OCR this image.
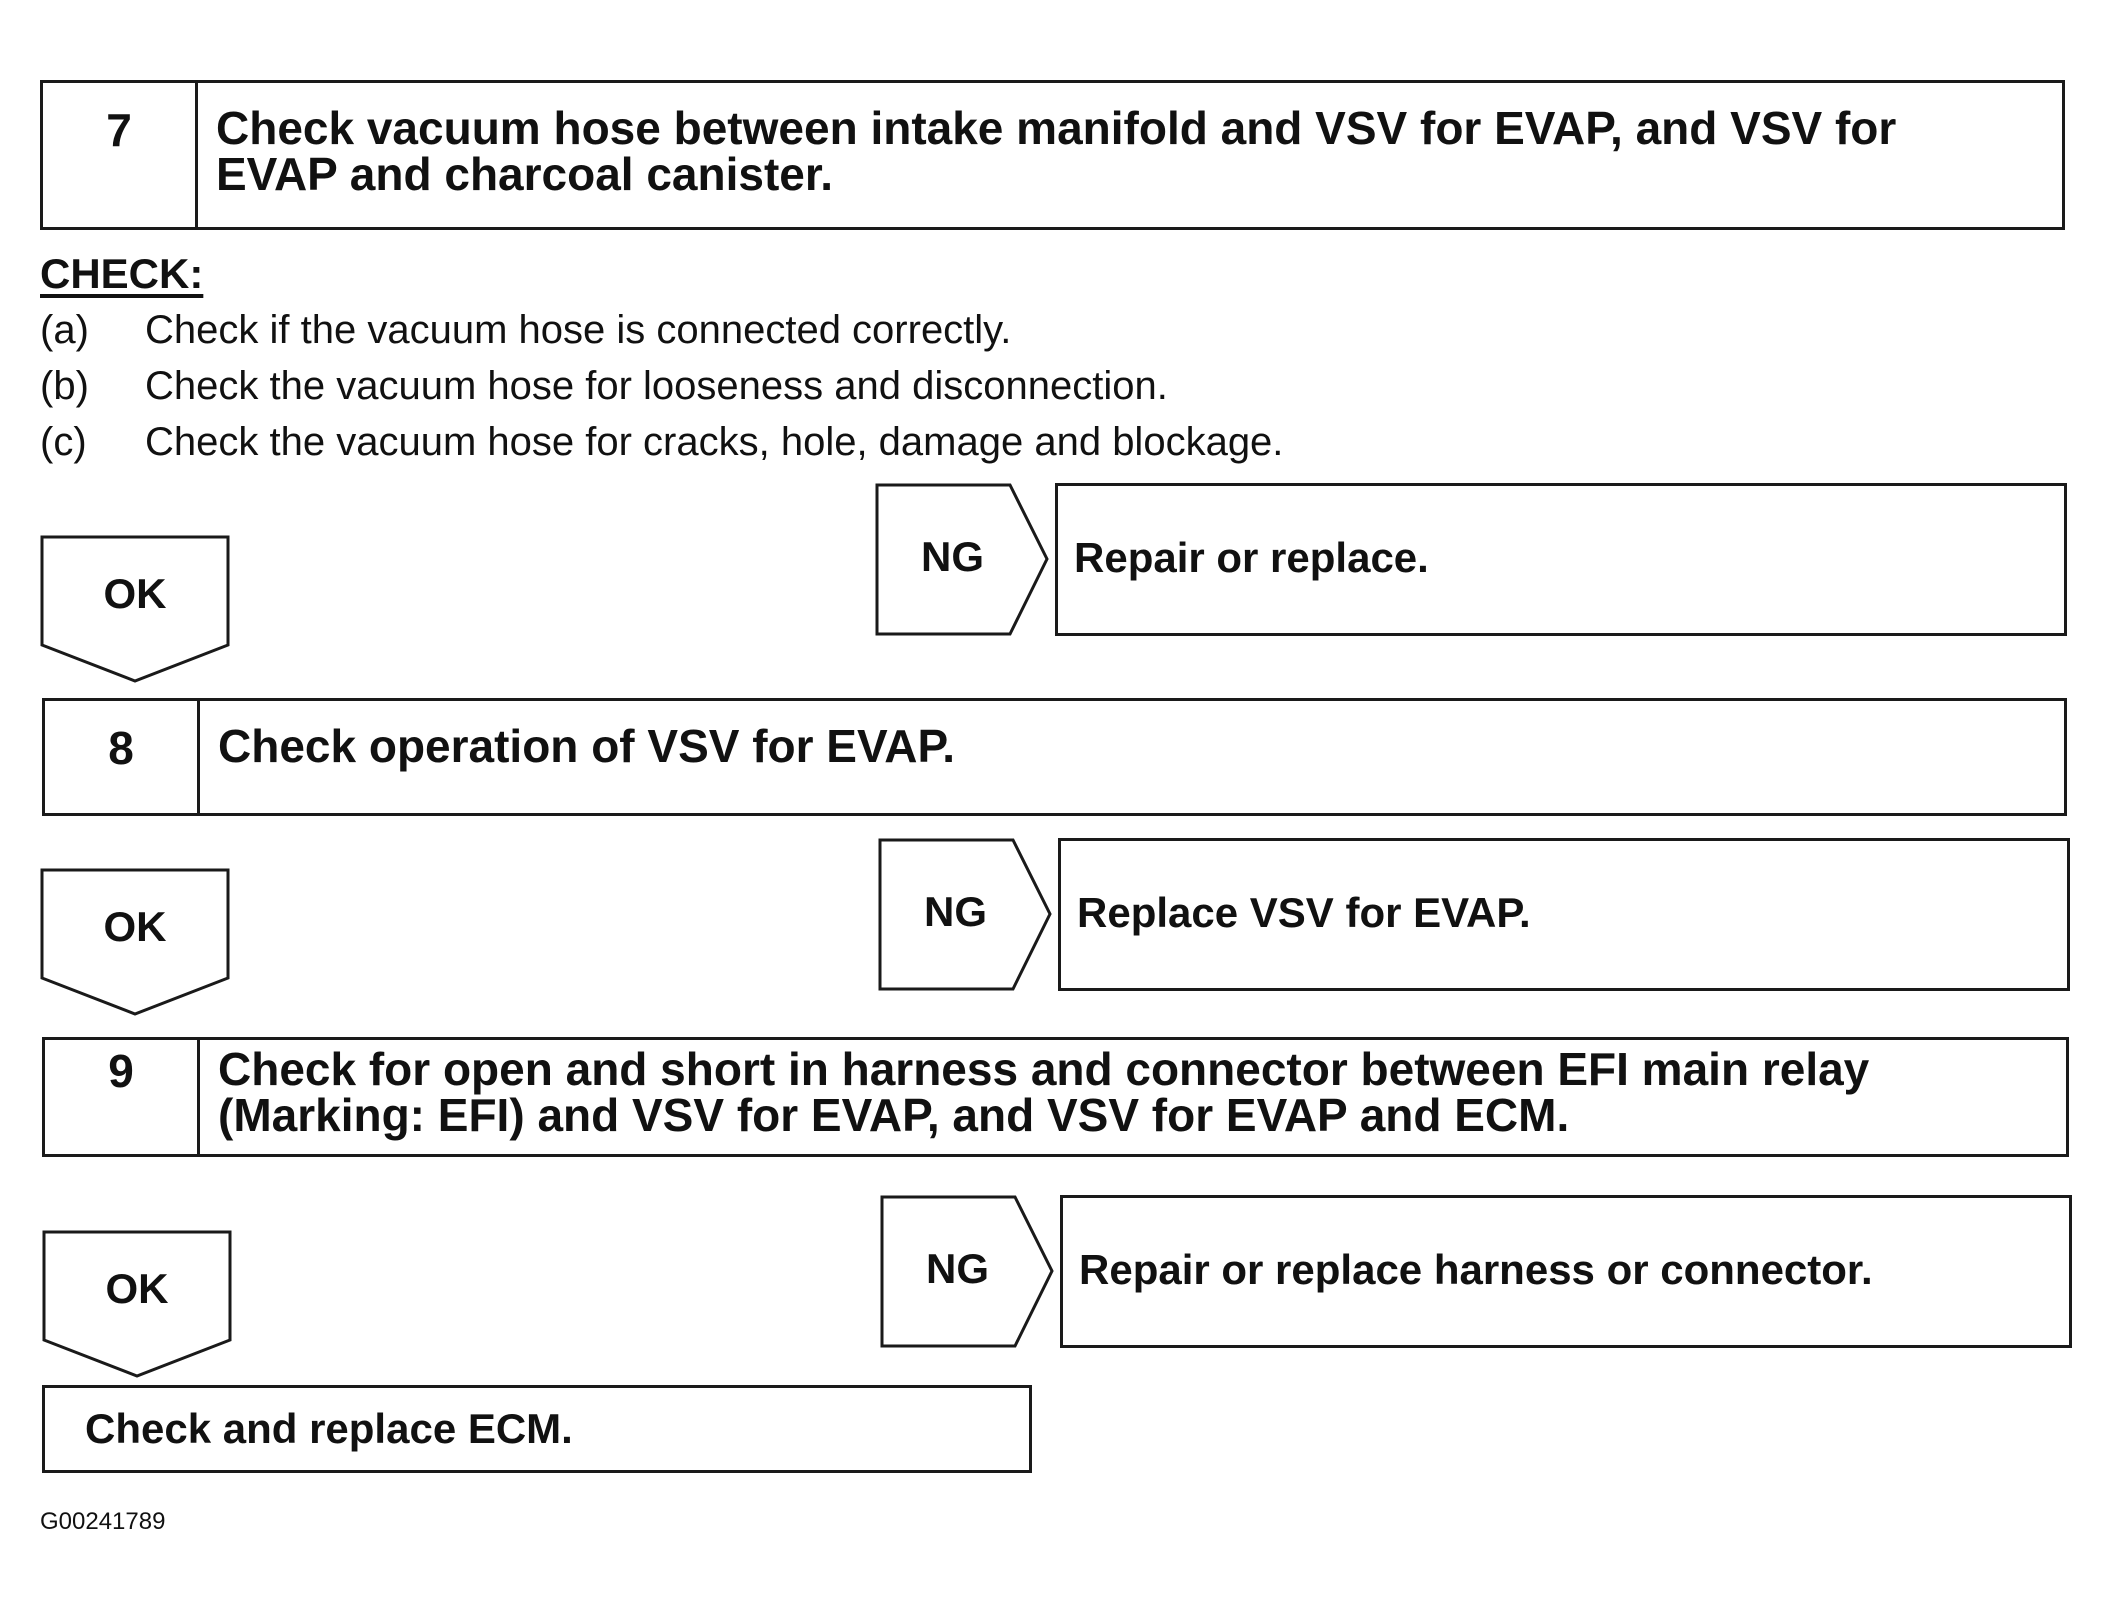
7	Check vacuum hose between intake manifold and VSV for EVAP, and VSV for
EVAP and charcoal canister.
CHECK:
(a)	Check if the vacuum hose is connected correctly.
(b)	Check the vacuum hose for looseness and disconnection.
(c)	Check the vacuum hose for cracks, hole, damage and blockage.
OK
NG	Repair or replace.
8	Check operation of VSV for EVAP.
OK	NG	Replace VSV for EVAP.
9	Check for open and short in harness and connector between EFI main relay
(Marking: EFI) and VSV for EVAP, and VSV for EVAP and ECM.
OK	NG	Repair or replace harness or connector.
Check and replace ECM.
G00241789
